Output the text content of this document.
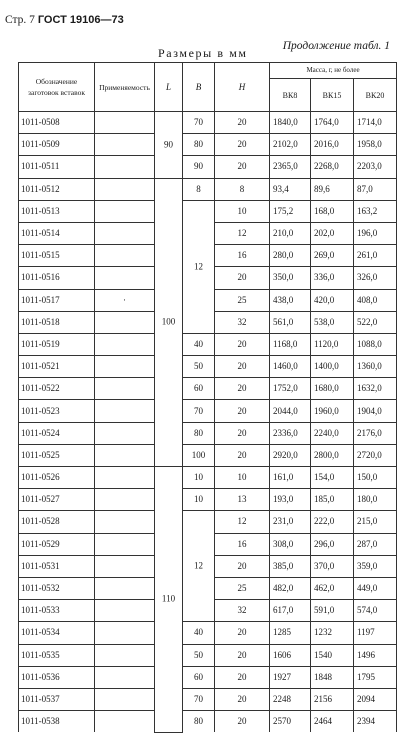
Стр. 7 ГОСТ 19106—73
Продолжение табл. 1
Размеры в мм
Обозначение заготовок вставок	Применяемость	L	B	H	Масса, г, не более		
					ВК8	ВК15	ВК20
1011-0508		90	70	20	1840,0	1764,0	1714,0
1011-0509			80	20	2102,0	2016,0	1958,0
1011-0511			90	20	2365,0	2268,0	2203,0
1011-0512		100	8	8	93,4	89,6	87,0
1011-0513			12	10	175,2	168,0	163,2
1011-0514				12	210,0	202,0	196,0
1011-0515				16	280,0	269,0	261,0
1011-0516				20	350,0	336,0	326,0
1011-0517	·			25	438,0	420,0	408,0
1011-0518				32	561,0	538,0	522,0
1011-0519			40	20	1168,0	1120,0	1088,0
1011-0521			50	20	1460,0	1400,0	1360,0
1011-0522			60	20	1752,0	1680,0	1632,0
1011-0523			70	20	2044,0	1960,0	1904,0
1011-0524			80	20	2336,0	2240,0	2176,0
1011-0525			100	20	2920,0	2800,0	2720,0
1011-0526		110	10	10	161,0	154,0	150,0
1011-0527			10	13	193,0	185,0	180,0
1011-0528			12	12	231,0	222,0	215,0
1011-0529				16	308,0	296,0	287,0
1011-0531				20	385,0	370,0	359,0
1011-0532				25	482,0	462,0	449,0
1011-0533				32	617,0	591,0	574,0
1011-0534			40	20	1285	1232	1197
1011-0535			50	20	1606	1540	1496
1011-0536			60	20	1927	1848	1795
1011-0537			70	20	2248	2156	2094
1011-0538			80	20	2570	2464	2394
